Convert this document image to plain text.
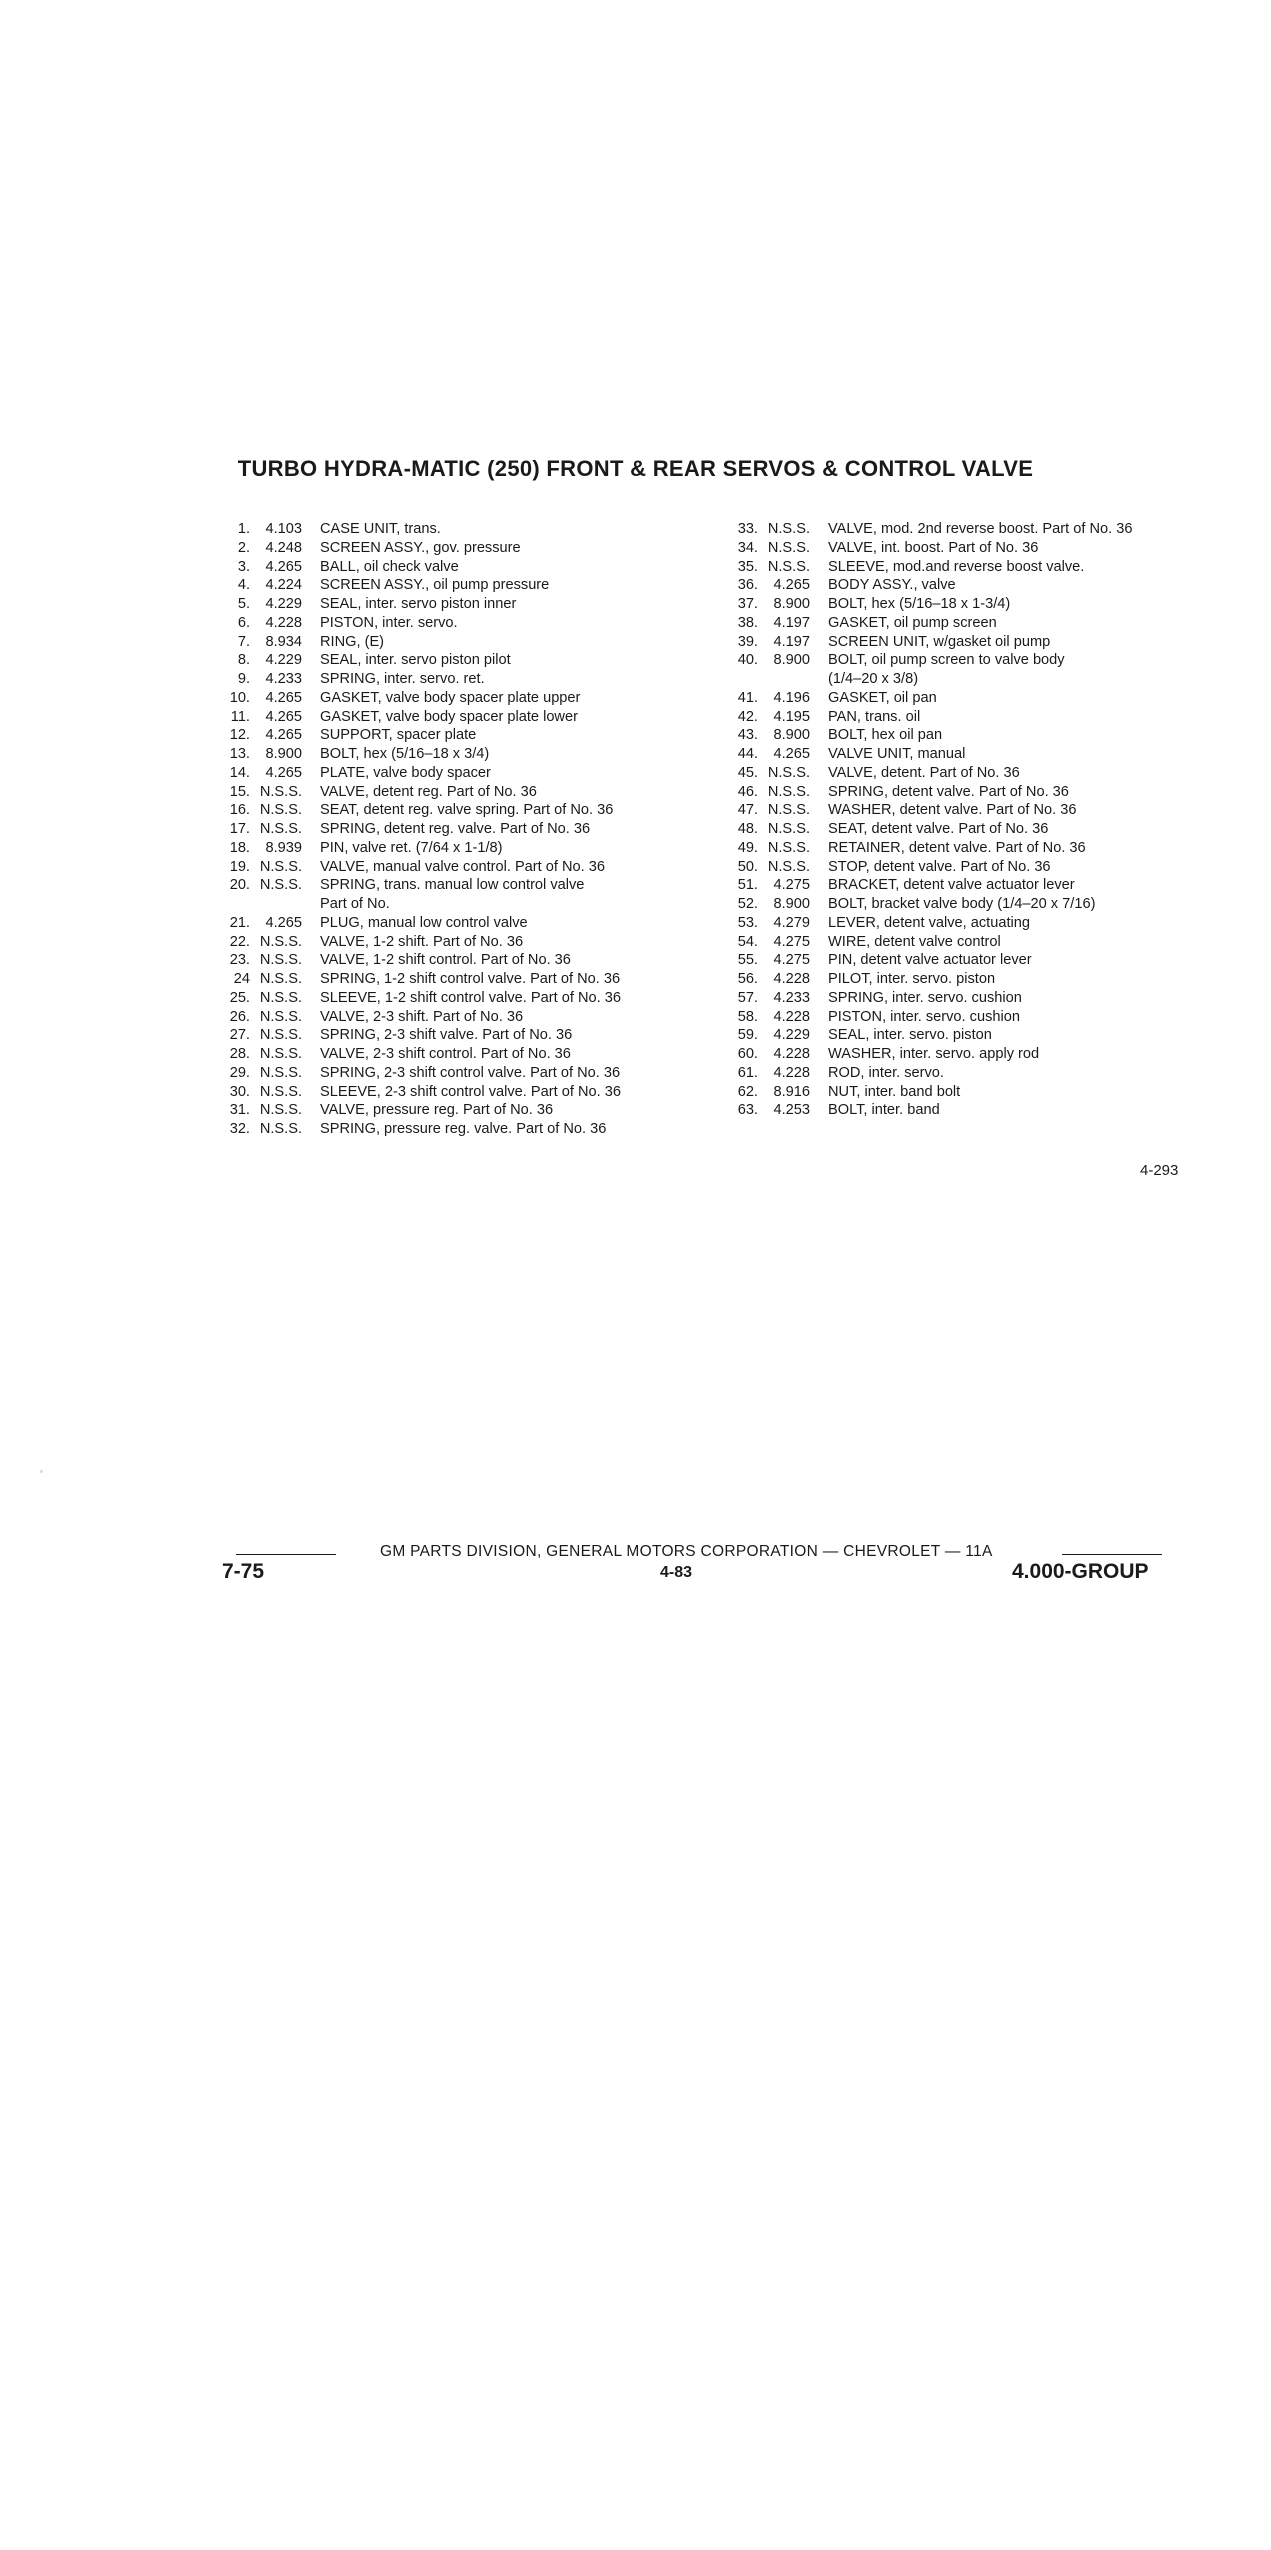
TURBO HYDRA-MATIC (250) FRONT & REAR SERVOS & CONTROL VALVE
1.	4.103	CASE UNIT, trans.
2.	4.248	SCREEN ASSY., gov. pressure
3.	4.265	BALL, oil check valve
4.	4.224	SCREEN ASSY., oil pump pressure
5.	4.229	SEAL, inter. servo piston inner
6.	4.228	PISTON, inter. servo.
7.	8.934	RING, (E)
8.	4.229	SEAL, inter. servo piston pilot
9.	4.233	SPRING, inter. servo. ret.
10.	4.265	GASKET, valve body spacer plate upper
11.	4.265	GASKET, valve body spacer plate lower
12.	4.265	SUPPORT, spacer plate
13.	8.900	BOLT, hex (5/16–18 x 3/4)
14.	4.265	PLATE, valve body spacer
15. N.S.S.	VALVE, detent reg. Part of No. 36
16. N.S.S.	SEAT, detent reg. valve spring. Part of No. 36
17. N.S.S.	SPRING, detent reg. valve. Part of No. 36
18.	8.939	PIN, valve ret. (7/64 x 1-1/8)
19. N.S.S.	VALVE, manual valve control. Part of No. 36
20. N.S.S.	SPRING, trans. manual low control valve
Part of No.
21.	4.265	PLUG, manual low control valve
22. N.S.S.	VALVE, 1-2 shift. Part of No. 36
23. N.S.S.	VALVE, 1-2 shift control. Part of No. 36
24 N.S.S.	SPRING, 1-2 shift control valve. Part of No. 36
25. N.S.S.	SLEEVE, 1-2 shift control valve. Part of No. 36
26. N.S.S.	VALVE, 2-3 shift. Part of No. 36
27. N.S.S.	SPRING, 2-3 shift valve. Part of No. 36
28. N.S.S.	VALVE, 2-3 shift control. Part of No. 36
29. N.S.S.	SPRING, 2-3 shift control valve. Part of No. 36
30. N.S.S.	SLEEVE, 2-3 shift control valve. Part of No. 36
31. N.S.S.	VALVE, pressure reg. Part of No. 36
32. N.S.S.	SPRING, pressure reg. valve. Part of No. 36
33. N.S.S.	VALVE, mod. 2nd reverse boost. Part of No. 36
34. N.S.S.	VALVE, int. boost. Part of No. 36
35. N.S.S.	SLEEVE, mod.and reverse boost valve.
36.	4.265	BODY ASSY., valve
37.	8.900	BOLT, hex (5/16–18 x 1-3/4)
38.	4.197	GASKET, oil pump screen
39.	4.197	SCREEN UNIT, w/gasket oil pump
40.	8.900	BOLT, oil pump screen to valve body
(1/4–20 x 3/8)
41.	4.196	GASKET, oil pan
42.	4.195	PAN, trans. oil
43.	8.900	BOLT, hex oil pan
44.	4.265	VALVE UNIT, manual
45. N.S.S.	VALVE, detent. Part of No. 36
46. N.S.S.	SPRING, detent valve. Part of No. 36
47. N.S.S.	WASHER, detent valve. Part of No. 36
48. N.S.S.	SEAT, detent valve. Part of No. 36
49. N.S.S.	RETAINER, detent valve. Part of No. 36
50. N.S.S.	STOP, detent valve. Part of No. 36
51.	4.275	BRACKET, detent valve actuator lever
52.	8.900	BOLT, bracket valve body (1/4–20 x 7/16)
53.	4.279	LEVER, detent valve, actuating
54.	4.275	WIRE, detent valve control
55.	4.275	PIN, detent valve actuator lever
56.	4.228	PILOT, inter. servo. piston
57.	4.233	SPRING, inter. servo. cushion
58.	4.228	PISTON, inter. servo. cushion
59.	4.229	SEAL, inter. servo. piston
60.	4.228	WASHER, inter. servo. apply rod
61.	4.228	ROD, inter. servo.
62.	8.916	NUT, inter. band bolt
63.	4.253	BOLT, inter. band
4-293
GM PARTS DIVISION, GENERAL MOTORS CORPORATION — CHEVROLET — 11A
7-75	4-83	4.000-GROUP
